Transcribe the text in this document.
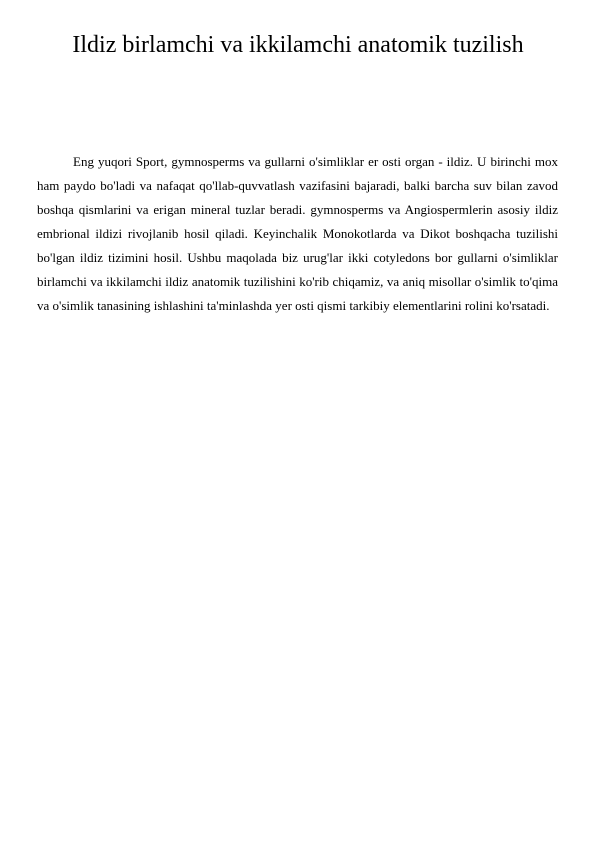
Ildiz birlamchi va ikkilamchi anatomik tuzilish

Eng yuqori Sport, gymnosperms va gullarni o'simliklar er osti organ - ildiz. U birinchi mox ham paydo bo'ladi va nafaqat qo'llab-quvvatlash vazifasini bajaradi, balki barcha suv bilan zavod boshqa qismlarini va erigan mineral tuzlar beradi. gymnosperms va Angiospermlerin asosiy ildiz embrional ildizi rivojlanib hosil qiladi. Keyinchalik Monokotlarda va Dikot boshqacha tuzilishi bo'lgan ildiz tizimini hosil. Ushbu maqolada biz urug'lar ikki cotyledons bor gullarni o'simliklar birlamchi va ikkilamchi ildiz anatomik tuzilishini ko'rib chiqamiz, va aniq misollar o'simlik to'qima va o'simlik tanasining ishlashini ta'minlashda yer osti qismi tarkibiy elementlarini rolini ko'rsatadi.
